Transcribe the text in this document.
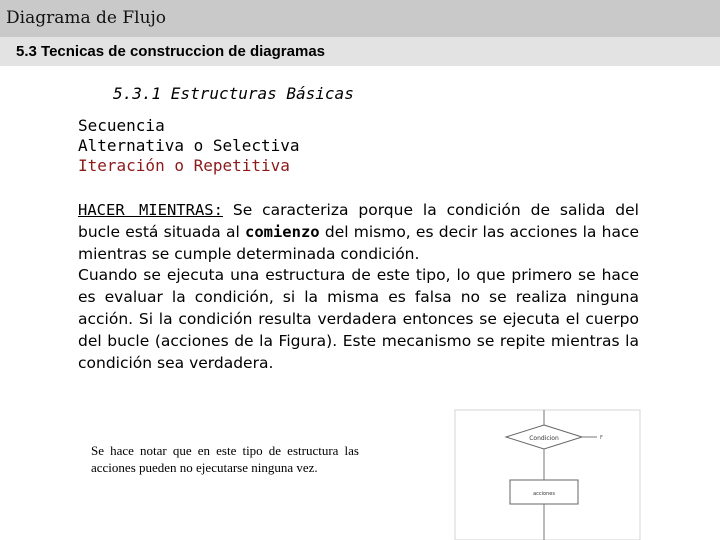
Diagrama de Flujo
5.3 Tecnicas de construccion de diagramas
5.3.1 Estructuras Básicas
Secuencia
Alternativa o Selectiva
Iteración o Repetitiva

HACER MIENTRAS: Se caracteriza porque la condición de salida del bucle está situada al comienzo del mismo, es decir las acciones la hace mientras se cumple determinada condición.

Cuando se ejecuta una estructura de este tipo, lo que primero se hace es evaluar la condición, si la misma es falsa no se realiza ninguna acción. Si la condición resulta verdadera entonces se ejecuta el cuerpo del bucle (acciones de la Figura). Este mecanismo se repite mientras la condición sea verdadera.

Se hace notar que en este tipo de estructura las acciones pueden no ejecutarse ninguna vez.
Condicion	F
acciones
